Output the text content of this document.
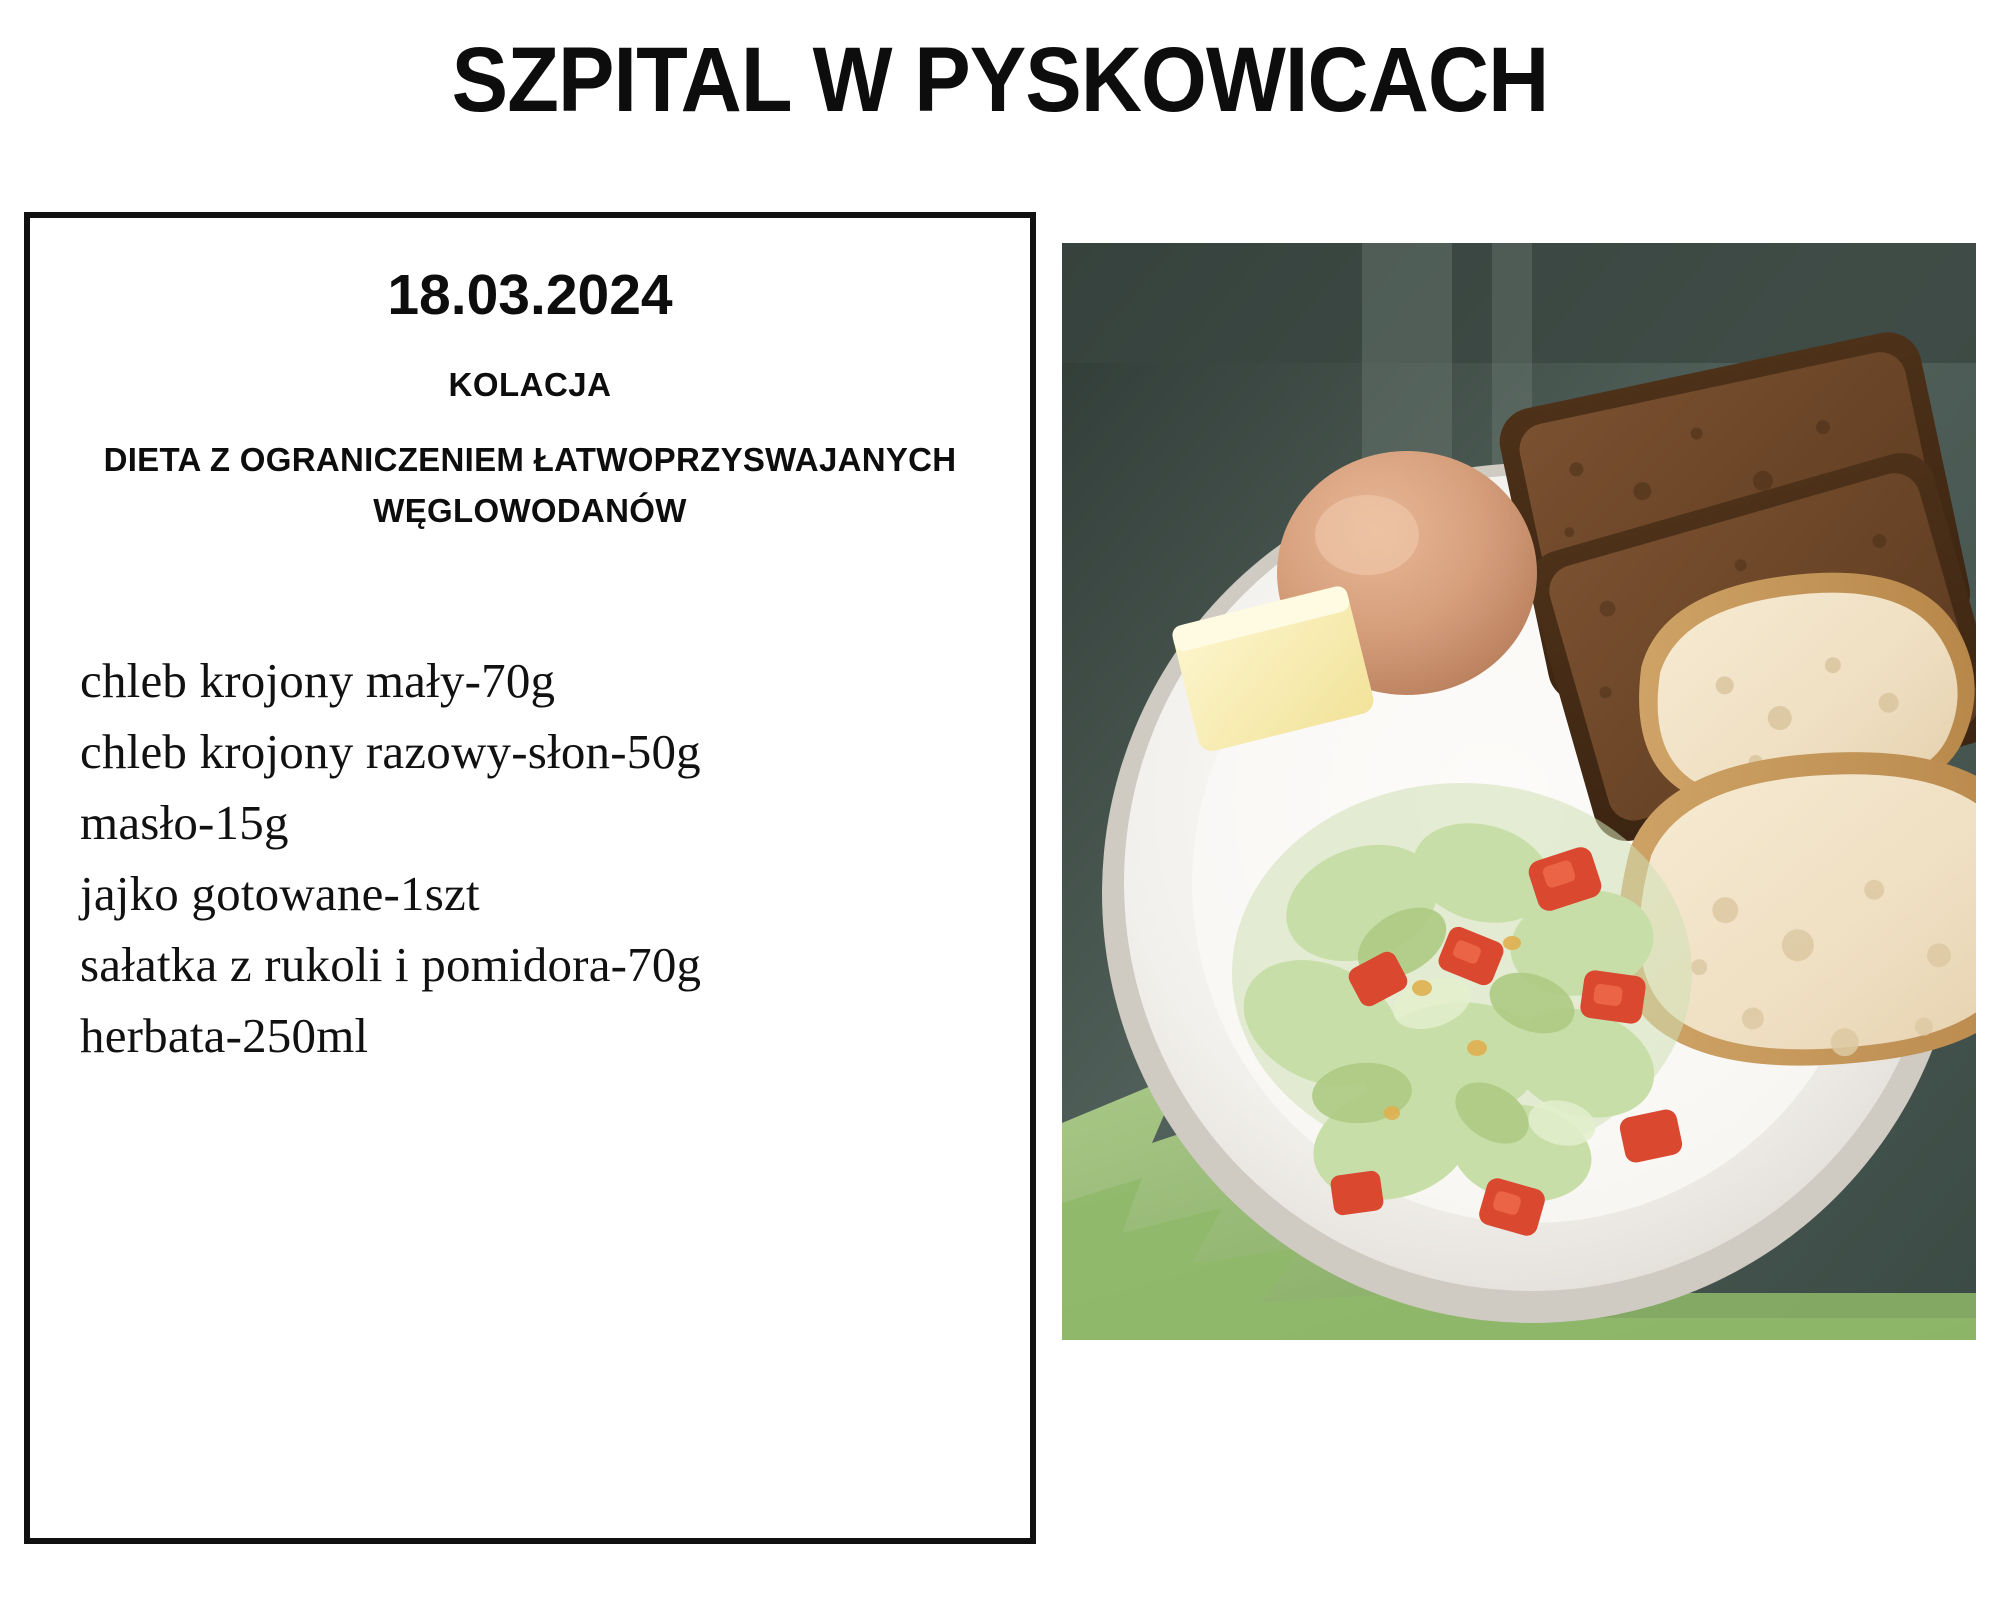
SZPITAL W PYSKOWICACH
18.03.2024
KOLACJA
DIETA Z OGRANICZENIEM ŁATWOPRZYSWAJANYCH
WĘGLOWODANÓW
chleb krojony mały-70g
chleb krojony razowy-słon-50g
masło-15g
jajko gotowane-1szt
sałatka z rukoli i pomidora-70g
herbata-250ml
